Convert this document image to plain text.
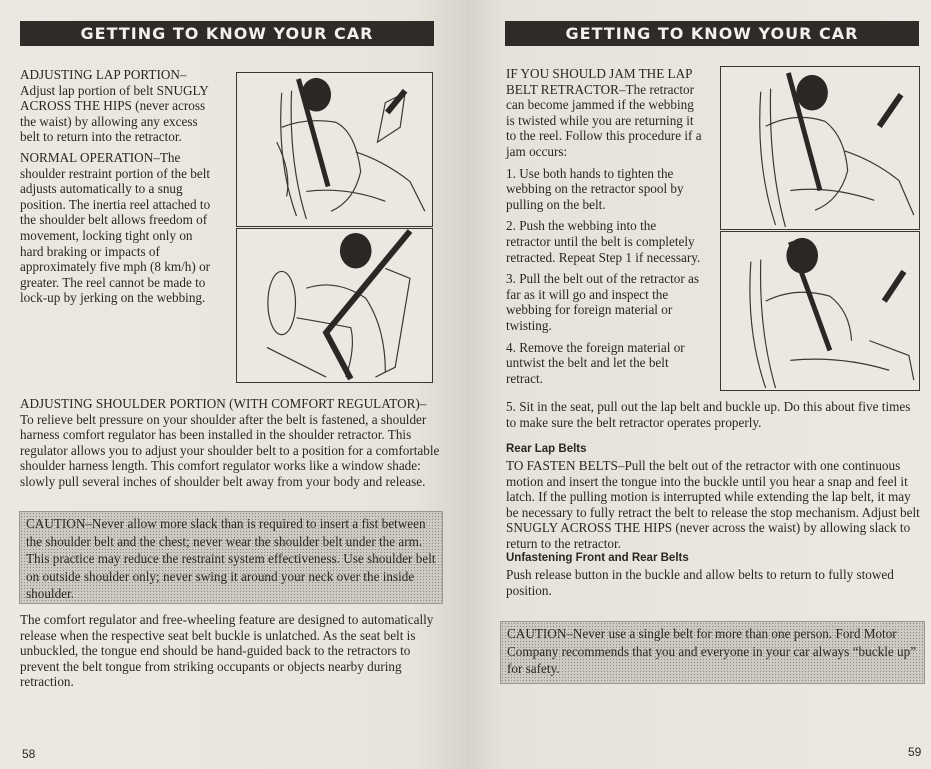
GETTING TO KNOW YOUR CAR

ADJUSTING LAP PORTION–Adjust lap portion of belt SNUGLY ACROSS THE HIPS (never across the waist) by allowing any excess belt to return into the retractor.

NORMAL OPERATION–The shoulder restraint portion of the belt adjusts automatically to a snug position. The inertia reel attached to the shoulder belt allows freedom of movement, locking tight only on hard braking or impacts of approximately five mph (8 km/h) or greater. The reel cannot be made to lock-up by jerking on the webbing.

ADJUSTING SHOULDER PORTION (WITH COMFORT REGULATOR)–To relieve belt pressure on your shoulder after the belt is fastened, a shoulder harness comfort regulator has been installed in the shoulder retractor. This regulator allows you to adjust your shoulder belt to a position for a comfortable shoulder harness length. This comfort regulator works like a window shade: slowly pull several inches of shoulder belt away from your body and release.

CAUTION–Never allow more slack than is required to insert a fist between the shoulder belt and the chest; never wear the shoulder belt under the arm. This practice may reduce the restraint system effectiveness. Use shoulder belt on outside shoulder only; never swing it around your neck over the inside shoulder.

The comfort regulator and free-wheeling feature are designed to automatically release when the respective seat belt buckle is unlatched. As the seat belt is unbuckled, the tongue end should be hand-guided back to the retractors to prevent the belt tongue from striking occupants or objects nearby during retraction.

58
GETTING TO KNOW YOUR CAR

IF YOU SHOULD JAM THE LAP BELT RETRACTOR–The retractor can become jammed if the webbing is twisted while you are returning it to the reel. Follow this procedure if a jam occurs:

1. Use both hands to tighten the webbing on the retractor spool by pulling on the belt.

2. Push the webbing into the retractor until the belt is completely retracted. Repeat Step 1 if necessary.

3. Pull the belt out of the retractor as far as it will go and inspect the webbing for foreign material or twisting.

4. Remove the foreign material or untwist the belt and let the belt retract.

5. Sit in the seat, pull out the lap belt and buckle up. Do this about five times to make sure the belt retractor operates properly.

Rear Lap Belts

TO FASTEN BELTS–Pull the belt out of the retractor with one continuous motion and insert the tongue into the buckle until you hear a snap and feel it latch. If the pulling motion is interrupted while extending the lap belt, it may be necessary to fully retract the belt to release the stop mechanism. Adjust belt SNUGLY ACROSS THE HIPS (never across the waist) by allowing slack to return to the retractor.

Unfastening Front and Rear Belts

Push release button in the buckle and allow belts to return to fully stowed position.

CAUTION–Never use a single belt for more than one person. Ford Motor Company recommends that you and everyone in your car always “buckle up” for safety.
59
